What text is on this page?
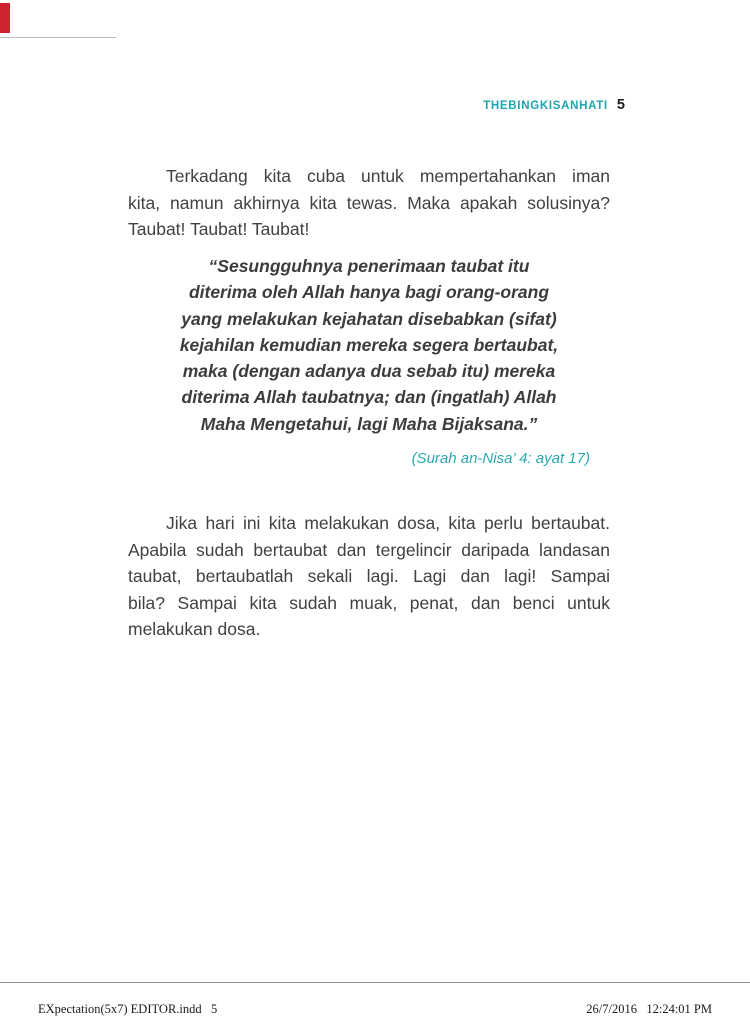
THEBINGKISANHATI 5
Terkadang kita cuba untuk mempertahankan iman
kita, namun akhirnya kita tewas. Maka apakah solusinya?
Taubat! Taubat! Taubat!
“Sesungguhnya penerimaan taubat itu
diterima oleh Allah hanya bagi orang-orang
yang melakukan kejahatan disebabkan (sifat)
kejahilan kemudian mereka segera bertaubat,
maka (dengan adanya dua sebab itu) mereka
diterima Allah taubatnya; dan (ingatlah) Allah
Maha Mengetahui, lagi Maha Bijaksana.”
(Surah an-Nisa’ 4: ayat 17)
Jika hari ini kita melakukan dosa, kita perlu bertaubat.
Apabila sudah bertaubat dan tergelincir daripada landasan
taubat, bertaubatlah sekali lagi. Lagi dan lagi! Sampai
bila? Sampai kita sudah muak, penat, dan benci untuk
melakukan dosa.
EXpectation(5x7) EDITOR.indd   5	26/7/2016   12:24:01 PM
